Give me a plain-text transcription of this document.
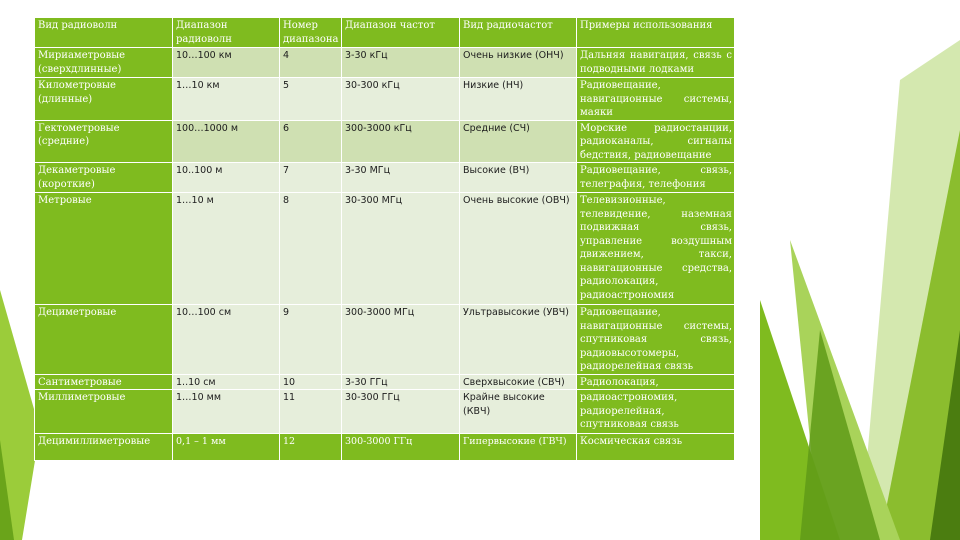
Вид радиоволн	Диапазон радиоволн	Номер диапазона	Диапазон частот	Вид радиочастот	Примеры использования
Мириаметровые (сверхдлинные)	10…100 км	4	3-30 кГц	Очень низкие (ОНЧ)	Дальняя навигация, связь с подводными лодками
Километровые (длинные)	1…10 км	5	30-300 кГц	Низкие (НЧ)	Радиовещание, навигационные системы, маяки
Гектометровые (средние)	100…1000 м	6	300-3000 кГц	Средние (СЧ)	Морские радиостанции, радиоканалы, сигналы бедствия, радиовещание
Декаметровые (короткие)	10..100 м	7	3-30 МГц	Высокие (ВЧ)	Радиовещание, связь, телеграфия, телефония
Метровые	1…10 м	8	30-300 МГц	Очень высокие (ОВЧ)	Телевизионные, телевидение, наземная подвижная связь, управление воздушным движением, такси, навигационные средства, радиолокация, радиоастрономия
Дециметровые	10…100 см	9	300-3000 МГц	Ультравысокие (УВЧ)	Радиовещание, навигационные системы, спутниковая связь, радиовысотомеры, радиорелейная связь
Сантиметровые	1..10 см	10	3-30 ГГц	Сверхвысокие (СВЧ)	Радиолокация,
Миллиметровые	1…10 мм	11	30-300 ГГц	Крайне высокие (КВЧ)	радиоастрономия, радиорелейная, спутниковая связь
Децимиллиметровые	0,1 – 1 мм	12	300-3000 ГГц	Гипервысокие (ГВЧ)	Космическая связь
